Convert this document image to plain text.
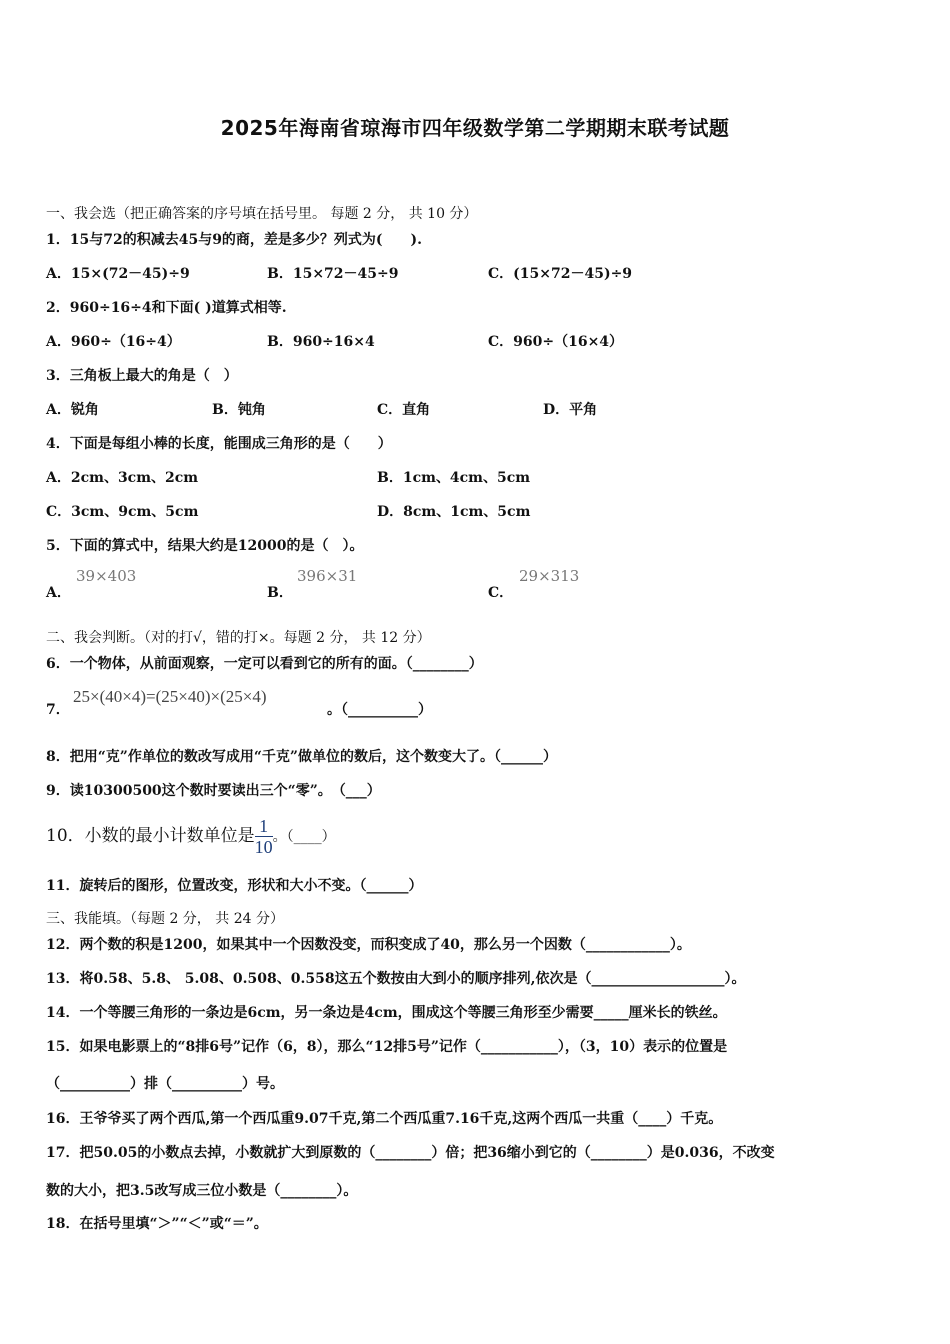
2025年海南省琼海市四年级数学第二学期期末联考试题
一、我会选（把正确答案的序号填在括号里。 每题 2 分， 共 10 分）
1．15与72的积减去45与9的商，差是多少？列式为(　　).
A．15×(72－45)÷9	B．15×72－45÷9	C．(15×72－45)÷9
2．960÷16÷4和下面( )道算式相等.
A．960÷（16÷4）	B．960÷16×4	C．960÷（16×4）
3．三角板上最大的角是（　）
A．锐角	B．钝角	C．直角	D．平角
4．下面是每组小棒的长度，能围成三角形的是（　　）
A．2cm、3cm、2cm	B．1cm、4cm、5cm
C．3cm、9cm、5cm	D．8cm、1cm、5cm
5．下面的算式中，结果大约是12000的是（　）。
A．
39×403
B．
396×31
C．
29×313
二、我会判断。（对的打√，错的打×。每题 2 分， 共 12 分）
6．一个物体，从前面观察，一定可以看到它的所有的面。（________）
7．
25×(40×4)=(25×40)×(25×4)
。（__________）
8．把用“克”作单位的数改写成用“千克”做单位的数后，这个数变大了。（______）
9．读10300500这个数时要读出三个“零”。　（___）
10．小数的最小计数单位是 $\frac{1}{10}$ 。（____）
11．旋转后的图形，位置改变，形状和大小不变。（______）
三、我能填。（每题 2 分， 共 24 分）
12．两个数的积是1200，如果其中一个因数没变，而积变成了40，那么另一个因数（____________）。
13．将0.58、5.8、 5.08、0.508、0.558这五个数按由大到小的顺序排列,依次是（___________________）。
14．一个等腰三角形的一条边是6cm，另一条边是4cm，围成这个等腰三角形至少需要_____厘米长的铁丝。
15．如果电影票上的“8排6号”记作（6，8），那么“12排5号”记作（___________），（3，10）表示的位置是
（__________）排（__________）号。
16．王爷爷买了两个西瓜,第一个西瓜重9.07千克,第二个西瓜重7.16千克,这两个西瓜一共重（____）千克。
17．把50.05的小数点去掉，小数就扩大到原数的（________）倍；把36缩小到它的（________）是0.036，不改变
数的大小，把3.5改写成三位小数是（________）。
18．在括号里填“＞”“＜”或“＝”。
